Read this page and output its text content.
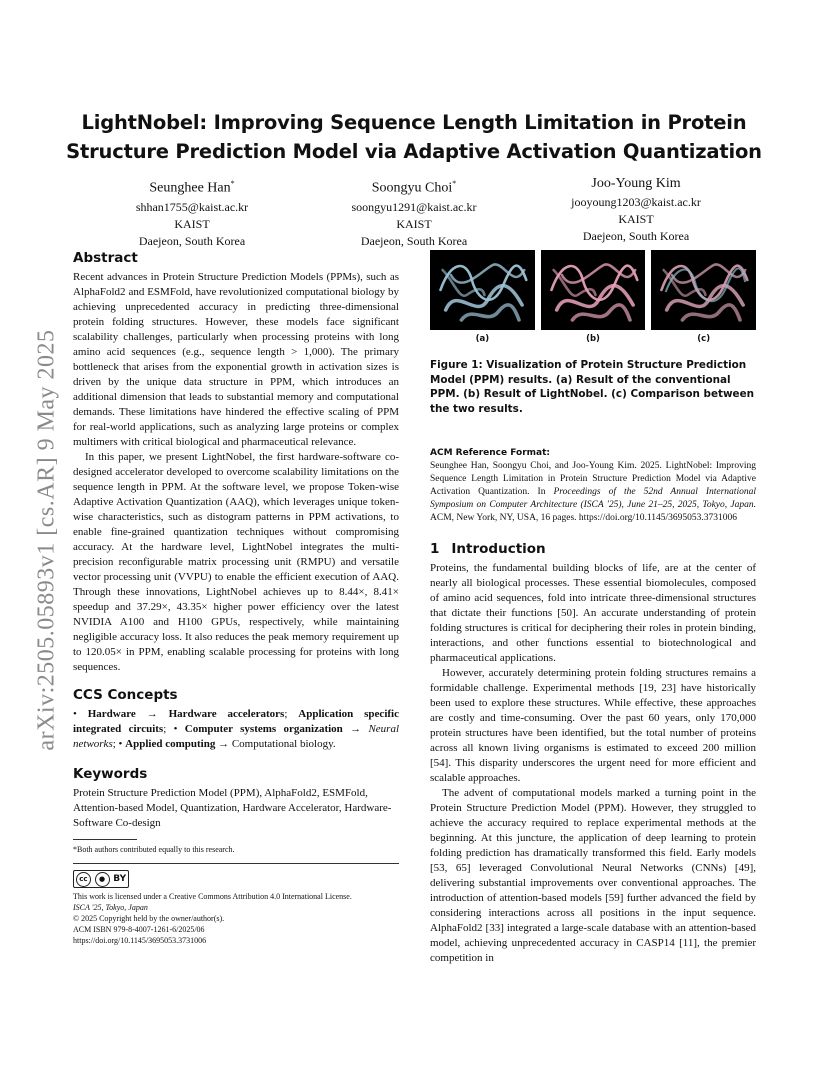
LightNobel: Improving Sequence Length Limitation in Protein Structure Prediction Model via Adaptive Activation Quantization
Seunghee Han*
shhan1755@kaist.ac.kr
KAIST
Daejeon, South Korea
Soongyu Choi*
soongyu1291@kaist.ac.kr
KAIST
Daejeon, South Korea
Joo-Young Kim
jooyoung1203@kaist.ac.kr
KAIST
Daejeon, South Korea
arXiv:2505.05893v1 [cs.AR] 9 May 2025
Abstract

Recent advances in Protein Structure Prediction Models (PPMs), such as AlphaFold2 and ESMFold, have revolutionized computational biology by achieving unprecedented accuracy in predicting three-dimensional protein folding structures. However, these models face significant scalability challenges, particularly when processing proteins with long amino acid sequences (e.g., sequence length > 1,000). The primary bottleneck that arises from the exponential growth in activation sizes is driven by the unique data structure in PPM, which introduces an additional dimension that leads to substantial memory and computational demands. These limitations have hindered the effective scaling of PPM for real-world applications, such as analyzing large proteins or complex multimers with critical biological and pharmaceutical relevance.

In this paper, we present LightNobel, the first hardware-software co-designed accelerator developed to overcome scalability limitations on the sequence length in PPM. At the software level, we propose Token-wise Adaptive Activation Quantization (AAQ), which leverages unique token-wise characteristics, such as distogram patterns in PPM activations, to enable fine-grained quantization techniques without compromising accuracy. At the hardware level, LightNobel integrates the multi-precision reconfigurable matrix processing unit (RMPU) and versatile vector processing unit (VVPU) to enable the efficient execution of AAQ. Through these innovations, LightNobel achieves up to 8.44×, 8.41× speedup and 37.29×, 43.35× higher power efficiency over the latest NVIDIA A100 and H100 GPUs, respectively, while maintaining negligible accuracy loss. It also reduces the peak memory requirement up to 120.05× in PPM, enabling scalable processing for proteins with long sequences.

CCS Concepts

• Hardware → Hardware accelerators; Application specific integrated circuits; • Computer systems organization → Neural networks; • Applied computing → Computational biology.

Keywords

Protein Structure Prediction Model (PPM), AlphaFold2, ESMFold, Attention-based Model, Quantization, Hardware Accelerator, Hardware-Software Co-design

*Both authors contributed equally to this research.
cc	● BY
This work is licensed under a Creative Commons Attribution 4.0 International License.
ISCA '25, Tokyo, Japan
© 2025 Copyright held by the owner/author(s).
ACM ISBN 979-8-4007-1261-6/2025/06
https://doi.org/10.1145/3695053.3731006
(a)	(b)	(c)
Figure 1: Visualization of Protein Structure Prediction Model (PPM) results. (a) Result of the conventional PPM. (b) Result of LightNobel. (c) Comparison between the two results.
ACM Reference Format:
Seunghee Han, Soongyu Choi, and Joo-Young Kim. 2025. LightNobel: Improving Sequence Length Limitation in Protein Structure Prediction Model via Adaptive Activation Quantization. In Proceedings of the 52nd Annual International Symposium on Computer Architecture (ISCA '25), June 21–25, 2025, Tokyo, Japan. ACM, New York, NY, USA, 16 pages. https://doi.org/10.1145/3695053.3731006
1 Introduction

Proteins, the fundamental building blocks of life, are at the center of nearly all biological processes. These essential biomolecules, composed of amino acid sequences, fold into intricate three-dimensional structures that dictate their functions [50]. An accurate understanding of protein folding structures is critical for deciphering their roles in protein binding, interactions, and other functions essential to biotechnological and pharmaceutical applications.

However, accurately determining protein folding structures remains a formidable challenge. Experimental methods [19, 23] have historically been used to explore these structures. While effective, these approaches are costly and time-consuming. Over the past 60 years, only 170,000 protein structures have been identified, but the total number of proteins across all known living organisms is estimated to exceed 200 million [54]. This disparity underscores the urgent need for more efficient and scalable approaches.

The advent of computational models marked a turning point in the Protein Structure Prediction Model (PPM). However, they struggled to achieve the accuracy required to replace experimental methods at the beginning. At this juncture, the application of deep learning to protein folding prediction has dramatically transformed this field. Early models [53, 65] leveraged Convolutional Neural Networks (CNNs) [49], delivering substantial improvements over conventional approaches. The introduction of attention-based models [59] further advanced the field by considering interactions across all positions in the input sequence. AlphaFold2 [33] integrated a large-scale database with an attention-based model, achieving unprecedented accuracy in CASP14 [11], the premier competition in
